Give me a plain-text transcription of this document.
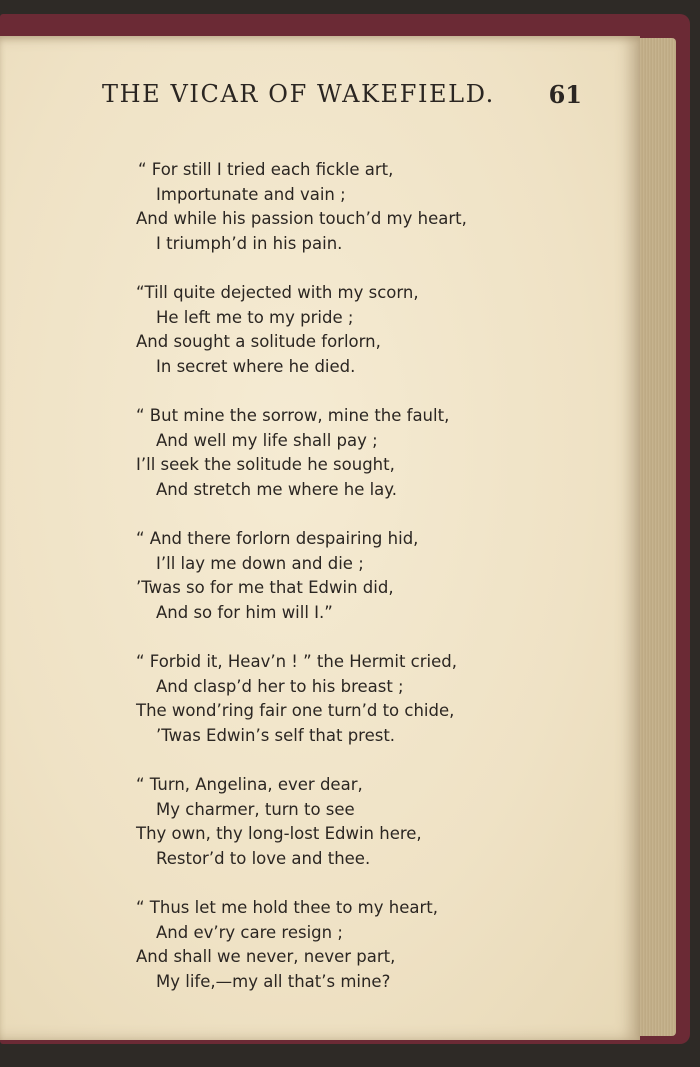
THE VICAR OF WAKEFIELD. 61
“ For still I tried each fickle art,
Importunate and vain ;
And while his passion touch’d my heart,
I triumph’d in his pain.
“Till quite dejected with my scorn,
He left me to my pride ;
And sought a solitude forlorn,
In secret where he died.
“ But mine the sorrow, mine the fault,
And well my life shall pay ;
I’ll seek the solitude he sought,
And stretch me where he lay.
“ And there forlorn despairing hid,
I’ll lay me down and die ;
’Twas so for me that Edwin did,
And so for him will I.”
“ Forbid it, Heav’n ! ” the Hermit cried,
And clasp’d her to his breast ;
The wond’ring fair one turn’d to chide,
’Twas Edwin’s self that prest.
“ Turn, Angelina, ever dear,
My charmer, turn to see
Thy own, thy long-lost Edwin here,
Restor’d to love and thee.
“ Thus let me hold thee to my heart,
And ev’ry care resign ;
And shall we never, never part,
My life,—my all that’s mine?
